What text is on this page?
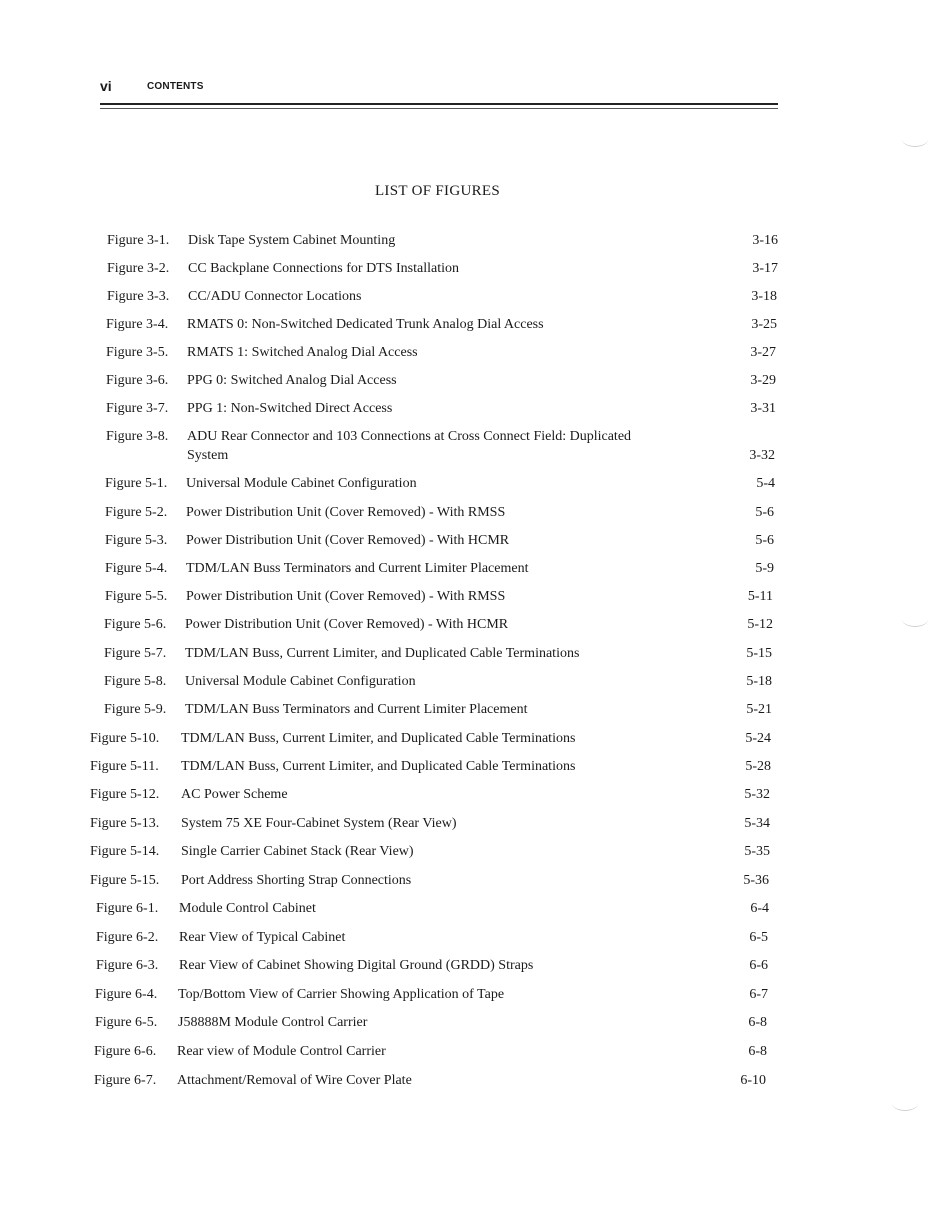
vi	CONTENTS
LIST OF FIGURES
Figure 3-1. Disk Tape System Cabinet Mounting	3-16
Figure 3-2. CC Backplane Connections for DTS Installation	3-17
Figure 3-3. CC/ADU Connector Locations	3-18
Figure 3-4. RMATS 0: Non-Switched Dedicated Trunk Analog Dial Access	3-25
Figure 3-5. RMATS 1: Switched Analog Dial Access	3-27
Figure 3-6. PPG 0: Switched Analog Dial Access	3-29
Figure 3-7. PPG 1: Non-Switched Direct Access	3-31
Figure 3-8. ADU Rear Connector and 103 Connections at Cross Connect Field: Duplicated
System	3-32
Figure 5-1. Universal Module Cabinet Configuration	5-4
Figure 5-2. Power Distribution Unit (Cover Removed) - With RMSS	5-6
Figure 5-3. Power Distribution Unit (Cover Removed) - With HCMR	5-6
Figure 5-4. TDM/LAN Buss Terminators and Current Limiter Placement	5-9
Figure 5-5. Power Distribution Unit (Cover Removed) - With RMSS	5-11
Figure 5-6. Power Distribution Unit (Cover Removed) - With HCMR	5-12
Figure 5-7. TDM/LAN Buss, Current Limiter, and Duplicated Cable Terminations	5-15
Figure 5-8. Universal Module Cabinet Configuration	5-18
Figure 5-9. TDM/LAN Buss Terminators and Current Limiter Placement	5-21
Figure 5-10. TDM/LAN Buss, Current Limiter, and Duplicated Cable Terminations	5-24
Figure 5-11. TDM/LAN Buss, Current Limiter, and Duplicated Cable Terminations	5-28
Figure 5-12. AC Power Scheme	5-32
Figure 5-13. System 75 XE Four-Cabinet System (Rear View)	5-34
Figure 5-14. Single Carrier Cabinet Stack (Rear View)	5-35
Figure 5-15. Port Address Shorting Strap Connections	5-36
Figure 6-1. Module Control Cabinet	6-4
Figure 6-2. Rear View of Typical Cabinet	6-5
Figure 6-3. Rear View of Cabinet Showing Digital Ground (GRDD) Straps	6-6
Figure 6-4. Top/Bottom View of Carrier Showing Application of Tape	6-7
Figure 6-5. J58888M Module Control Carrier	6-8
Figure 6-6. Rear view of Module Control Carrier	6-8
Figure 6-7. Attachment/Removal of Wire Cover Plate	6-10
